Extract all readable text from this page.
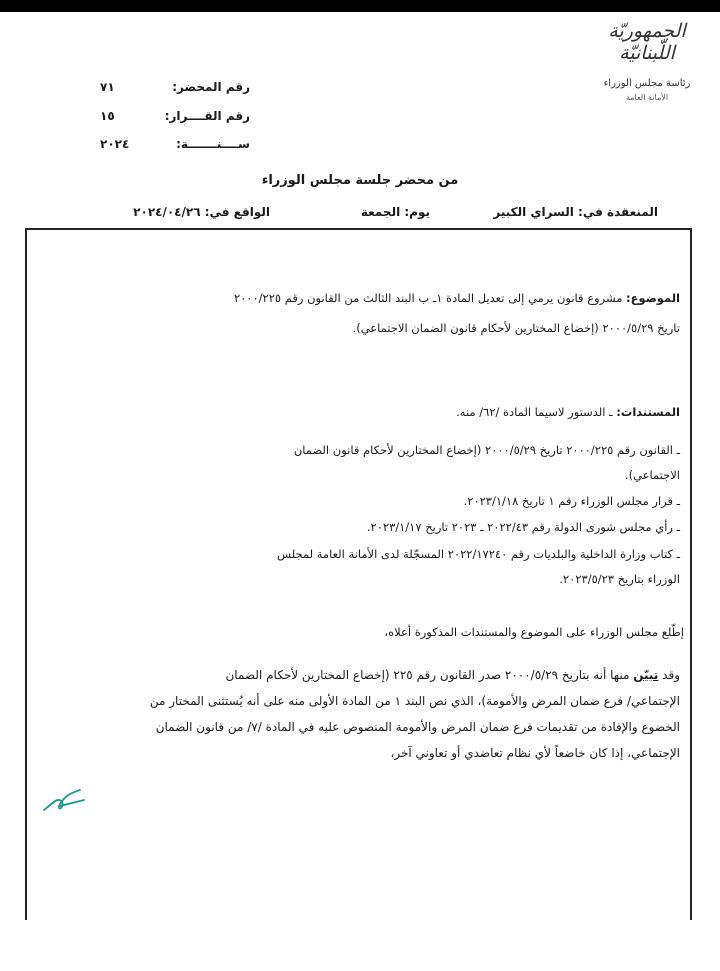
الجمهوريّة
اللّبنانيّة
رئاسة مجلس الوزراء
الأمانة العامة
رقم المحضر:
٧١
رقم القــــرار:
١٥
ســــنـــــــة:
٢٠٢٤
من محضر جلسة مجلس الوزراء
المنعقدة في: السراي الكبير
يوم: الجمعة
الواقع في: ٢٠٢٤/٠٤/٢٦
الموضوع: مشروع قانون يرمي إلى تعديل المادة ١ـ ب البند الثالث من القانون رقم ٢٠٠٠/٢٢٥
تاريخ ٢٠٠٠/٥/٢٩ (إخضاع المختارين لأحكام قانون الضمان الاجتماعي).
المستندات: ـ الدستور لاسيما المادة /٦٢/ منه.
ـ القانون رقم ٢٠٠٠/٢٢٥ تاريخ ٢٠٠٠/٥/٢٩ (إخضاع المختارين لأحكام قانون الضمان
الاجتماعي).
ـ قرار مجلس الوزراء رقم ١ تاريخ ٢٠٢٣/١/١٨.
ـ رأي مجلس شورى الدولة رقم ٢٠٢٢/٤٣ ـ ٢٠٢٣ تاريخ ٢٠٢٣/١/١٧.
ـ كتاب وزارة الداخلية والبلديات رقم ٢٠٢٢/١٧٢٤٠ المسجّلة لدى الأمانة العامة لمجلس
الوزراء بتاريخ ٢٠٢٣/٥/٢٣.
إطّلع مجلس الوزراء على الموضوع والمستندات المذكورة أعلاه،
وقد تبيّن منها أنه بتاريخ ٢٠٠٠/٥/٢٩ صدر القانون رقم ٢٢٥ (إخضاع المختارين لأحكام الضمان
الإجتماعي/ فرع ضمان المرض والأمومة)، الذي نص البند ١ من المادة الأولى منه على أنه يُستثنى المختار من
الخضوع والإفادة من تقديمات فرع ضمان المرض والأمومة المنصوص عليه في المادة /٧/ من قانون الضمان
الإجتماعي، إذا كان خاضعاً لأي نظام تعاضدي أو تعاوني آخر،
